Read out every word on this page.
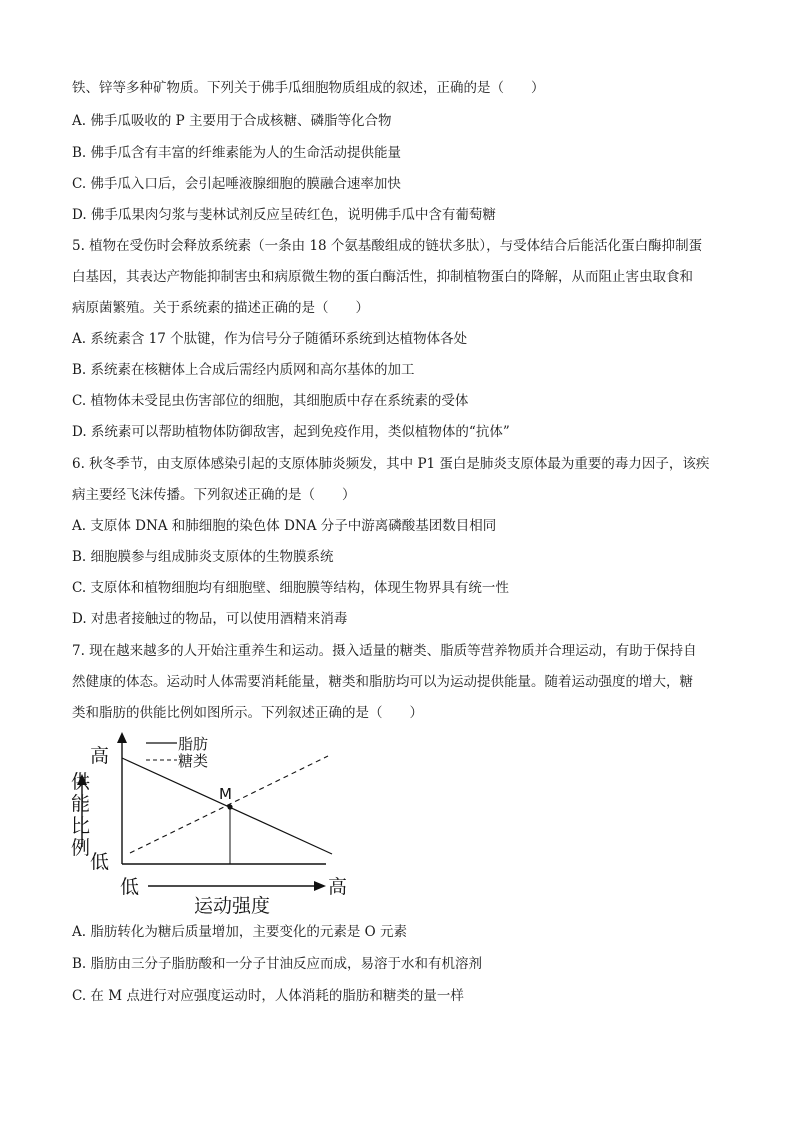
铁、锌等多种矿物质。下列关于佛手瓜细胞物质组成的叙述，正确的是（　　）
A. 佛手瓜吸收的 P 主要用于合成核糖、磷脂等化合物
B. 佛手瓜含有丰富的纤维素能为人的生命活动提供能量
C. 佛手瓜入口后，会引起唾液腺细胞的膜融合速率加快
D. 佛手瓜果肉匀浆与斐林试剂反应呈砖红色，说明佛手瓜中含有葡萄糖
5. 植物在受伤时会释放系统素（一条由 18 个氨基酸组成的链状多肽），与受体结合后能活化蛋白酶抑制蛋
白基因，其表达产物能抑制害虫和病原微生物的蛋白酶活性，抑制植物蛋白的降解，从而阻止害虫取食和
病原菌繁殖。关于系统素的描述正确的是（　　）
A. 系统素含 17 个肽键，作为信号分子随循环系统到达植物体各处
B. 系统素在核糖体上合成后需经内质网和高尔基体的加工
C. 植物体未受昆虫伤害部位的细胞，其细胞质中存在系统素的受体
D. 系统素可以帮助植物体防御敌害，起到免疫作用，类似植物体的“抗体”
6. 秋冬季节，由支原体感染引起的支原体肺炎频发，其中 P1 蛋白是肺炎支原体最为重要的毒力因子，该疾
病主要经飞沫传播。下列叙述正确的是（　　）
A. 支原体 DNA 和肺细胞的染色体 DNA 分子中游离磷酸基团数目相同
B. 细胞膜参与组成肺炎支原体的生物膜系统
C. 支原体和植物细胞均有细胞壁、细胞膜等结构，体现生物界具有统一性
D. 对患者接触过的物品，可以使用酒精来消毒
7. 现在越来越多的人开始注重养生和运动。摄入适量的糖类、脂质等营养物质并合理运动，有助于保持自
然健康的体态。运动时人体需要消耗能量，糖类和脂肪均可以为运动提供能量。随着运动强度的增大，糖
类和脂肪的供能比例如图所示。下列叙述正确的是（　　）
M
脂肪
糖类
高
低
供
能
比
例
低	高
运动强度
A. 脂肪转化为糖后质量增加，主要变化的元素是 O 元素
B. 脂肪由三分子脂肪酸和一分子甘油反应而成，易溶于水和有机溶剂
C. 在 M 点进行对应强度运动时，人体消耗的脂肪和糖类的量一样
